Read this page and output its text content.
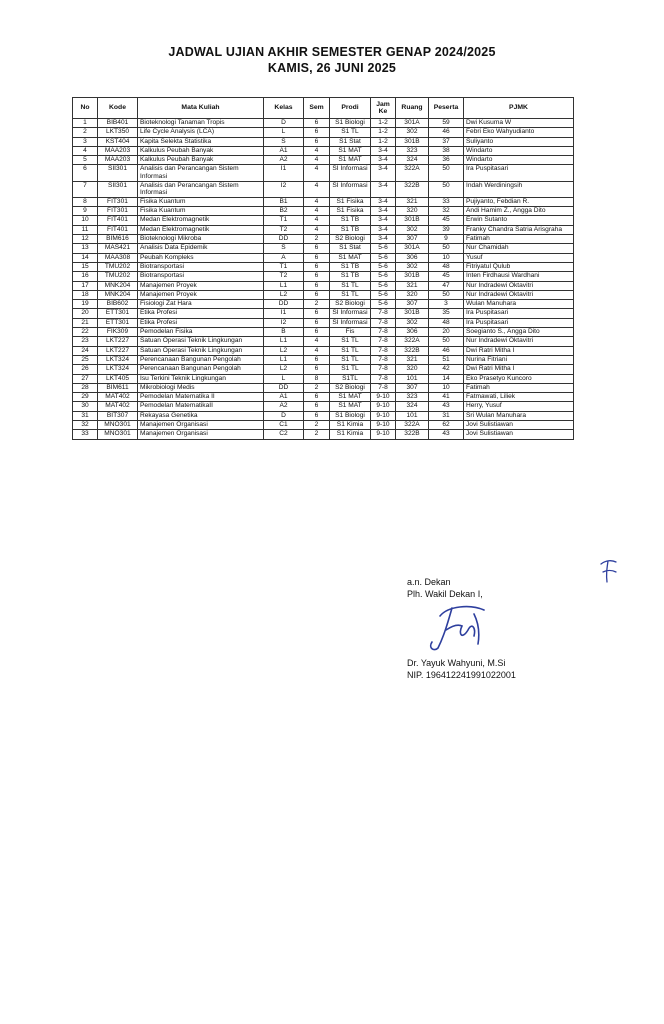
JADWAL UJIAN AKHIR SEMESTER GENAP 2024/2025
KAMIS, 26 JUNI 2025
No	Kode	Mata Kuliah	Kelas	Sem	Prodi	Jam Ke	Ruang	Peserta	PJMK
1	BIB401	Bioteknologi Tanaman Tropis	D	6	S1 Biologi	1-2	301A	59	Dwi Kusuma W
2	LKT350	Life Cycle Analysis (LCA)	L	6	S1 TL	1-2	302	46	Febri Eko Wahyudianto
3	KST404	Kapita Selekta Statistika	S	6	S1 Stat	1-2	301B	37	Suliyanto
4	MAA203	Kalkulus Peubah Banyak	A1	4	S1 MAT	3-4	323	38	Windarto
5	MAA203	Kalkulus Peubah Banyak	A2	4	S1 MAT	3-4	324	36	Windarto
6	SII301	Analisis dan Perancangan Sistem Informasi	I1	4	SI Informasi	3-4	322A	50	Ira Puspitasari
7	SII301	Analisis dan Perancangan Sistem Informasi	I2	4	SI Informasi	3-4	322B	50	Indah Werdiningsih
8	FIT301	Fisika Kuantum	B1	4	S1 Fisika	3-4	321	33	Pujiyanto, Febdian R.
9	FIT301	Fisika Kuantum	B2	4	S1 Fisika	3-4	320	32	Andi Hamim Z., Angga Dito
10	FIT401	Medan Elektromagnetik	T1	4	S1 TB	3-4	301B	45	Erwin Sutanto
11	FIT401	Medan Elektromagnetik	T2	4	S1 TB	3-4	302	39	Franky Chandra Satria Arisgraha
12	BIM616	Bioteknologi Mikroba	DD	2	S2 Biologi	3-4	307	9	Fatimah
13	MAS421	Analisis Data Epidemik	S	6	S1 Stat	5-6	301A	50	Nur Chamidah
14	MAA308	Peubah Kompleks	A	6	S1 MAT	5-6	306	10	Yusuf
15	TMU202	Biotransportasi	T1	6	S1 TB	5-6	302	48	Fitriyatul Qulub
16	TMU202	Biotransportasi	T2	6	S1 TB	5-6	301B	45	Inten Firdhausi Wardhani
17	MNK204	Manajemen Proyek	L1	6	S1 TL	5-6	321	47	Nur Indradewi Oktavitri
18	MNK204	Manajemen Proyek	L2	6	S1 TL	5-6	320	50	Nur Indradewi Oktavitri
19	BIB602	Fisiologi Zat Hara	DD	2	S2 Biologi	5-6	307	3	Wulan Manuhara
20	ETT301	Etika Profesi	I1	6	SI Informasi	7-8	301B	35	Ira Puspitasari
21	ETT301	Etika Profesi	I2	6	SI Informasi	7-8	302	48	Ira Puspitasari
22	FIK309	Pemodelan Fisika	B	6	Fis	7-8	306	20	Soegianto S., Angga Dito
23	LKT227	Satuan Operasi Teknik Lingkungan	L1	4	S1 TL	7-8	322A	50	Nur Indradewi Oktavitri
24	LKT227	Satuan Operasi Teknik Lingkungan	L2	4	S1 TL	7-8	322B	46	Dwi Ratri Mitha I
25	LKT324	Perencanaan Bangunan Pengolah	L1	6	S1 TL	7-8	321	51	Nurina Fitriani
26	LKT324	Perencanaan Bangunan Pengolah	L2	6	S1 TL	7-8	320	42	Dwi Ratri Mitha I
27	LKT405	Isu Terkini Teknik Lingkungan	L	8	S1TL	7-8	101	14	Eko Prasetyo Kuncoro
28	BIM611	Mikrobiologi Medis	DD	2	S2 Biologi	7-8	307	10	Fatimah
29	MAT402	Pemodelan Matematika II	A1	6	S1 MAT	9-10	323	41	Fatmawati, Liliek
30	MAT402	Pemodelan MatematikaII	A2	6	S1 MAT	9-10	324	43	Herry, Yusuf
31	BIT307	Rekayasa Genetika	D	6	S1 Biologi	9-10	101	31	Sri Wulan Manuhara
32	MNO301	Manajemen Organisasi	C1	2	S1 Kimia	9-10	322A	62	Jovi Sulistiawan
33	MNO301	Manajemen Organisasi	C2	2	S1 Kimia	9-10	322B	43	Jovi Sulistiawan
a.n. Dekan
Plh. Wakil Dekan I,
Dr. Yayuk Wahyuni, M.Si
NIP. 196412241991022001
